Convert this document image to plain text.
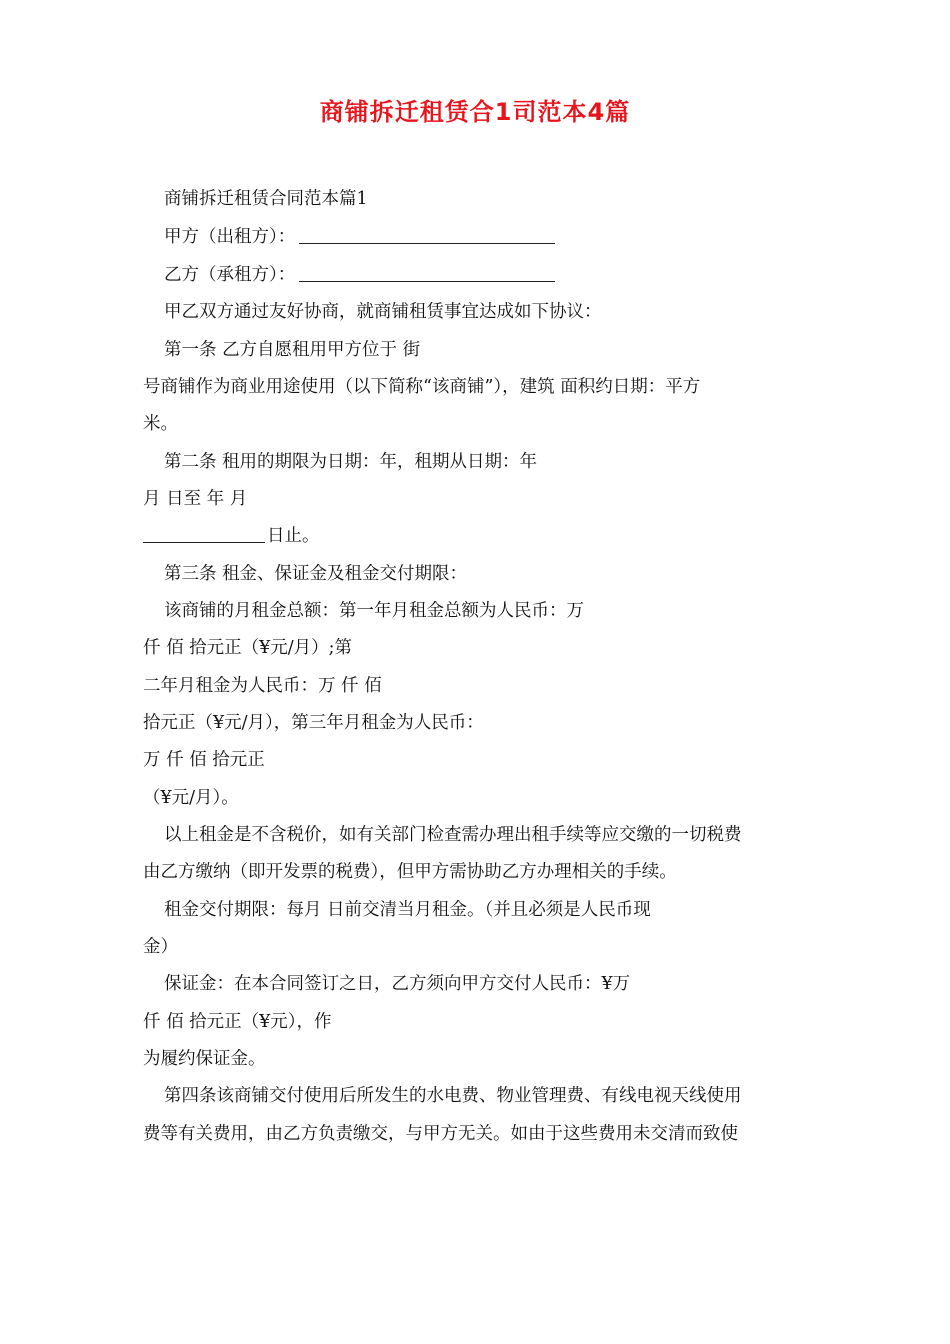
商铺拆迁租赁合1司范本4篇
商铺拆迁租赁合同范本篇1
甲方（出租方）：
乙方（承租方）：
甲乙双方通过友好协商，就商铺租赁事宜达成如下协议：
第一条 乙方自愿租用甲方位于 街
号商铺作为商业用途使用（以下简称“该商铺”），建筑 面积约日期：平方
米。
第二条 租用的期限为日期：年，租期从日期：年
月 日至 年 月
日止。
第三条 租金、保证金及租金交付期限：
该商铺的月租金总额：第一年月租金总额为人民币：万
仟 佰 拾元正（¥元/月）;第
二年月租金为人民币：万 仟 佰
拾元正（¥元/月），第三年月租金为人民币：
万 仟 佰 拾元正
（¥元/月）。
以上租金是不含税价，如有关部门检查需办理出租手续等应交缴的一切税费
由乙方缴纳（即开发票的税费），但甲方需协助乙方办理相关的手续。
租金交付期限：每月 日前交清当月租金。（并且必须是人民币现
金）
保证金：在本合同签订之日，乙方须向甲方交付人民币：¥万
仟 佰 拾元正（¥元），作
为履约保证金。
第四条该商铺交付使用后所发生的水电费、物业管理费、有线电视天线使用
费等有关费用，由乙方负责缴交，与甲方无关。如由于这些费用未交清而致使
